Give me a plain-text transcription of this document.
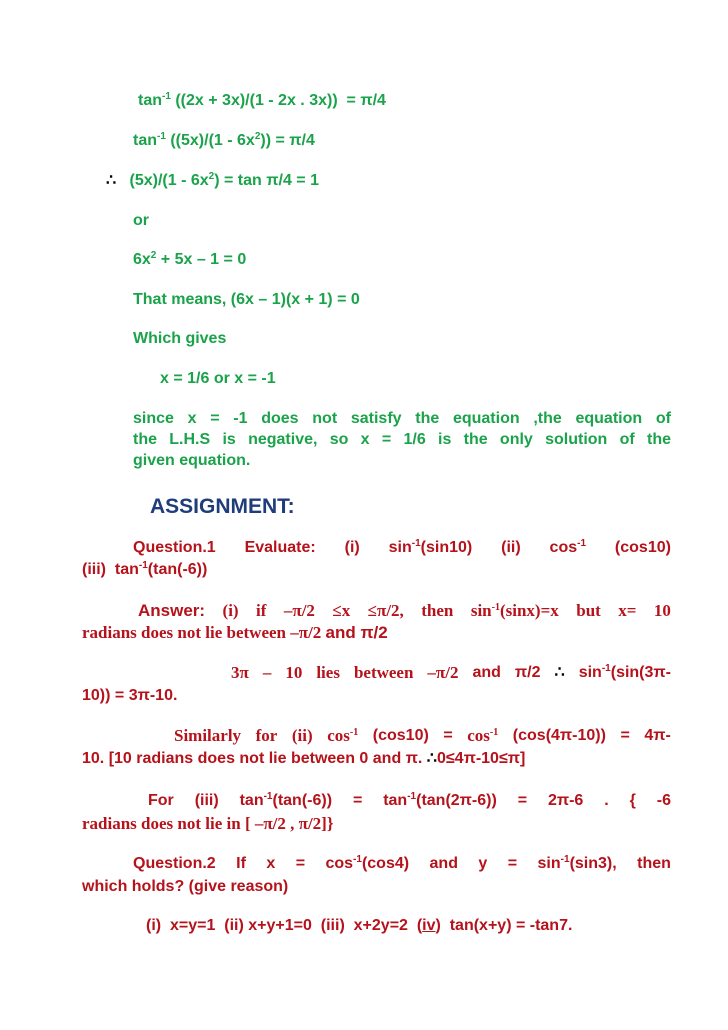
$\tan^{-1} ((2x + 3x)/(1 - 2x$ . 3x))  = π/4
$\tan^{-1} ((5x)/(1 - 6x^2)) = \pi/4$
∴   $(5x)/(1 - 6x^2) = \tan \pi/4 = 1$
or
$6x^2 + 5x - 1 = 0$
That means, (6x – 1)(x + 1) = 0
Which gives
x = 1/6 or x = -1
since x = -1 does not satisfy the equation ,the equation of
the L.H.S is negative, so x = 1/6 is the only solution of the
given equation.
ASSIGNMENT:
Question.1 Evaluate: (i) $\sin^{-1}(\sin 10)$ (ii) $\cos^{-1} (\cos 10)$
(iii)  $\tan^{-1}(\tan(-6))$
Answer: (i) if –π/2 ≤x ≤π/2, then $\sin^{-1}(\sin x)=x$ but x= 10
radians does not lie between –π/2 and π/2
3π – 10 lies between –π/2 and π/2 ∴ $\sin^{-1}(\sin(3\pi-$
10)) = 3π-10.
Similarly for (ii) $\cos^{-1} (\cos 10) = \cos^{-1} (\cos(4\pi-10)) = 4\pi-$
10. [10 radians does not lie between 0 and π. ∴0≤4π-10≤π]
For (iii) $\tan^{-1}(\tan(-6)) = \tan^{-1}(\tan(2\pi-6)) = 2\pi-6$ . { -6
radians does not lie in [ –π/2 , π/2]}
Question.2 If $x = \cos^{-1}(\cos 4)$ and $y = \sin^{-1}(\sin 3)$, then
which holds? (give reason)
(i)  x=y=1  (ii) x+y+1=0  (iii)  x+2y=2  (iv)  tan(x+y) = -tan7.
